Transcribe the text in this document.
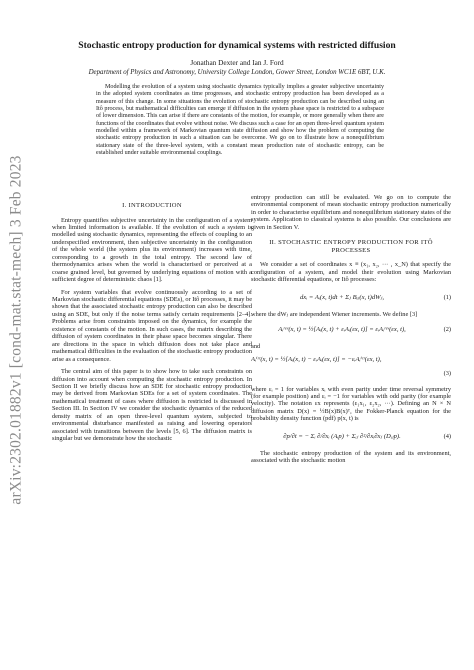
arXiv:2302.01882v1 [cond-mat.stat-mech] 3 Feb 2023
Stochastic entropy production for dynamical systems with restricted diffusion
Jonathan Dexter and Ian J. Ford
Department of Physics and Astronomy, University College London, Gower Street, London WC1E 6BT, U.K.

Modelling the evolution of a system using stochastic dynamics typically implies a greater subjective uncertainty in the adopted system coordinates as time progresses, and stochastic entropy production has been developed as a measure of this change. In some situations the evolution of stochastic entropy production can be described using an Itô process, but mathematical difficulties can emerge if diffusion in the system phase space is restricted to a subspace of lower dimension. This can arise if there are constants of the motion, for example, or more generally when there are functions of the coordinates that evolve without noise. We discuss such a case for an open three-level quantum system modelled within a framework of Markovian quantum state diffusion and show how the problem of computing the stochastic entropy production in such a situation can be overcome. We go on to illustrate how a nonequilibrium stationary state of the three-level system, with a constant mean production rate of stochastic entropy, can be established under suitable environmental couplings.

I. INTRODUCTION

Entropy quantifies subjective uncertainty in the configuration of a system when limited information is available. If the evolution of such a system is modelled using stochastic dynamics, representing the effects of coupling to an underspecified environment, then subjective uncertainty in the configuration of the whole world (the system plus its environment) increases with time, corresponding to a growth in the total entropy. The second law of thermodynamics arises when the world is characterised or perceived at a coarse grained level, but governed by underlying equations of motion with a sufficient degree of deterministic chaos [1].

For system variables that evolve continuously according to a set of Markovian stochastic differential equations (SDEs), or Itô processes, it may be shown that the associated stochastic entropy production can also be described using an SDE, but only if the noise terms satisfy certain requirements [2–4]. Problems arise from constraints imposed on the dynamics, for example the existence of constants of the motion. In such cases, the matrix describing the diffusion of system coordinates in their phase space becomes singular. There are directions in the space in which diffusion does not take place and mathematical difficulties in the evaluation of the stochastic entropy production arise as a consequence.

The central aim of this paper is to show how to take such constraints on diffusion into account when computing the stochastic entropy production. In Section II we briefly discuss how an SDE for stochastic entropy production may be derived from Markovian SDEs for a set of system coordinates. The mathematical treatment of cases where diffusion is restricted is discussed in Section III. In Section IV we consider the stochastic dynamics of the reduced density matrix of an open three-level quantum system, subjected to environmental disturbance manifested as raising and lowering operators associated with transitions between the levels [5, 6]. The diffusion matrix is singular but we demonstrate how the stochastic

entropy production can still be evaluated. We go on to compute the environmental component of mean stochastic entropy production numerically in order to characterise equilibrium and nonequilibrium stationary states of the system. Application to classical systems is also possible. Our conclusions are given in Section V.

II. STOCHASTIC ENTROPY PRODUCTION FOR ITÔ PROCESSES

We consider a set of coordinates x ≡ (x₁, x₂, ··· , x_N) that specify the configuration of a system, and model their evolution using Markovian stochastic differential equations, or Itô processes:

dxᵢ = Aᵢ(x, t)dt + Σⱼ Bᵢⱼ(x, t)dWⱼ,	(1)

where the dWⱼ are independent Wiener increments. We define [3]

Aᵢʳᵉᵛ(x, t) = ½[Aᵢ(x, t) + εᵢAᵢ(εx, t)] = εᵢAᵢʳᵉᵛ(εx, t),	(2)

and

Aᵢⁱʳʳ(x, t) = ½[Aᵢ(x, t) − εᵢAᵢ(εx, t)] = −εᵢAᵢⁱʳʳ(εx, t),
(3)

where εᵢ = 1 for variables xᵢ with even parity under time reversal symmetry (for example position) and εᵢ = −1 for variables with odd parity (for example velocity). The notation εx represents (ε₁x₁, ε₂x₂, ···). Defining an N × N diffusion matrix D(x) = ½B(x)B(x)ᵀ, the Fokker-Planck equation for the probability density function (pdf) p(x, t) is

∂p/∂t = − Σᵢ ∂/∂xᵢ (Aᵢp) + Σᵢⱼ ∂²/∂xᵢ∂xⱼ (Dᵢⱼp).	(4)

The stochastic entropy production of the system and its environment, associated with the stochastic motion
